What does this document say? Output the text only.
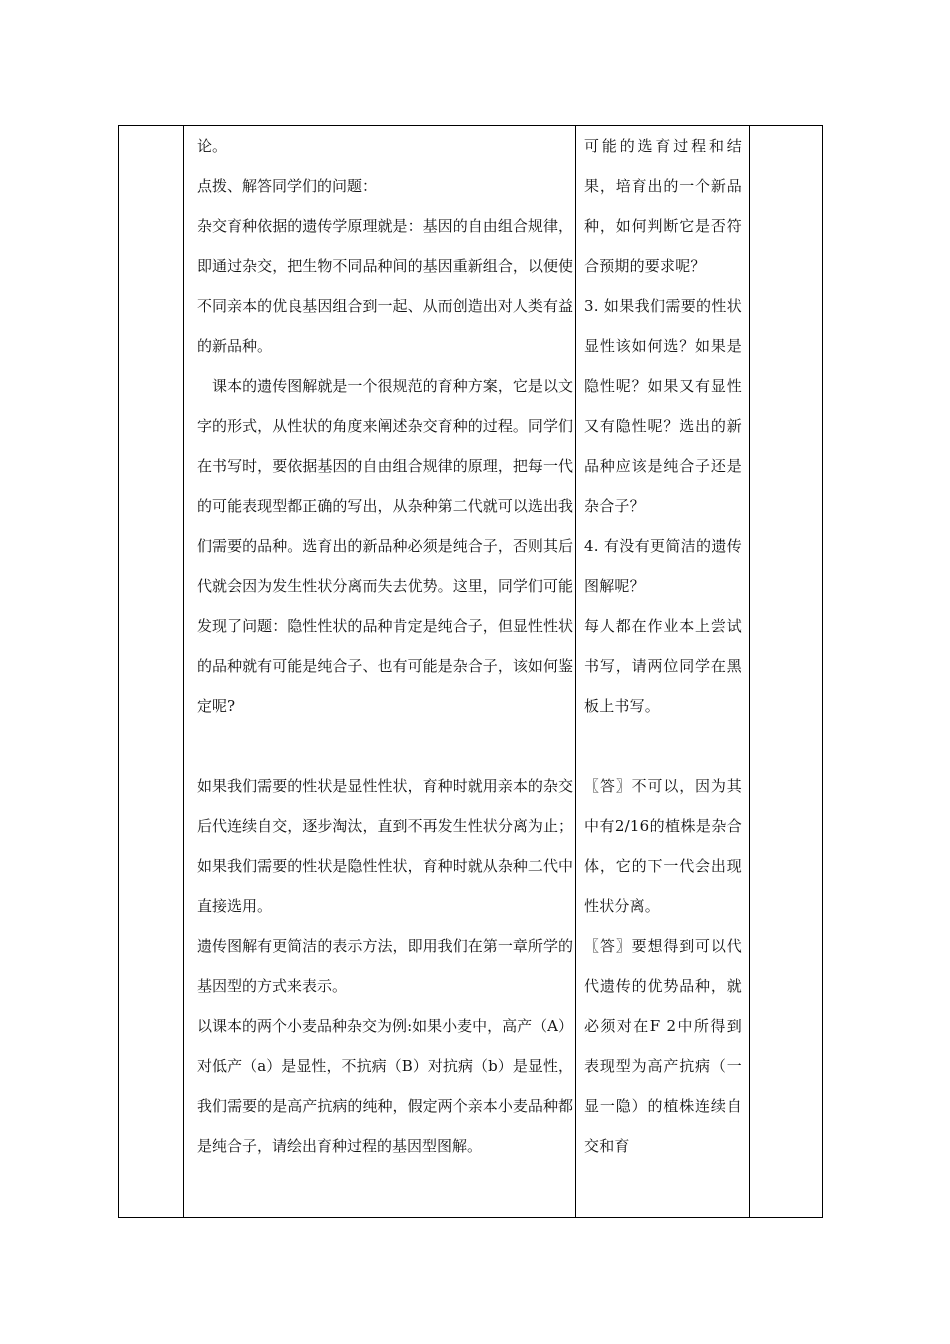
论。

点拨、解答同学们的问题：

杂交育种依据的遗传学原理就是：基因的自由组合规律，即通过杂交，把生物不同品种间的基因重新组合，以便使不同亲本的优良基因组合到一起、从而创造出对人类有益的新品种。

　课本的遗传图解就是一个很规范的育种方案，它是以文字的形式，从性状的角度来阐述杂交育种的过程。同学们在书写时，要依据基因的自由组合规律的原理，把每一代的可能表现型都正确的写出，从杂种第二代就可以选出我们需要的品种。选育出的新品种必须是纯合子，否则其后代就会因为发生性状分离而失去优势。这里，同学们可能发现了问题：隐性性状的品种肯定是纯合子，但显性性状的品种就有可能是纯合子、也有可能是杂合子，该如何鉴定呢?

如果我们需要的性状是显性性状，育种时就用亲本的杂交后代连续自交，逐步淘汰，直到不再发生性状分离为止；如果我们需要的性状是隐性性状，育种时就从杂种二代中直接选用。

遗传图解有更简洁的表示方法，即用我们在第一章所学的基因型的方式来表示。

以课本的两个小麦品种杂交为例:如果小麦中，高产（A）对低产（a）是显性，不抗病（B）对抗病（b）是显性，我们需要的是高产抗病的纯种，假定两个亲本小麦品种都是纯合子，请绘出育种过程的基因型图解。

可能的选育过程和结果，培育出的一个新品种，如何判断它是否符合预期的要求呢？

3. 如果我们需要的性状显性该如何选？如果是隐性呢？如果又有显性又有隐性呢？选出的新品种应该是纯合子还是杂合子？

4. 有没有更简洁的遗传图解呢？

每人都在作业本上尝试书写，请两位同学在黑板上书写。

〖答〗不可以，因为其中有2/16的植株是杂合体，它的下一代会出现性状分离。

〖答〗要想得到可以代代遗传的优势品种，就必须对在F 2中所得到表现型为高产抗病（一显一隐）的植株连续自交和育
